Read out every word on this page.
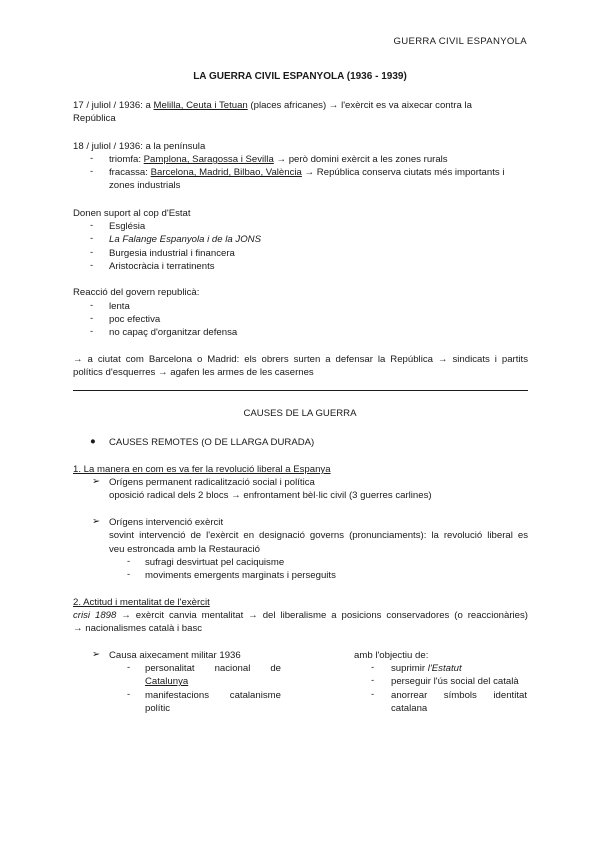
GUERRA CIVIL ESPANYOLA
LA GUERRA CIVIL ESPANYOLA (1936 - 1939)
17 / juliol / 1936: a Melilla, Ceuta i Tetuan (places africanes) → l'exèrcit es va aixecar contra la
República
18 / juliol / 1936: a la península
- triomfa: Pamplona, Saragossa i Sevilla → però domini exèrcit a les zones rurals
- fracassa: Barcelona, Madrid, Bilbao, València → República conserva ciutats més importants i
zones industrials
Donen suport al cop d'Estat
- Església
- La Falange Espanyola i de la JONS
- Burgesia industrial i financera
- Aristocràcia i terratinents
Reacció del govern republicà:
- lenta
- poc efectiva
- no capaç d'organitzar defensa
→ a ciutat com Barcelona o Madrid: els obrers surten a defensar la República → sindicats i partits
polítics d'esquerres → agafen les armes de les casernes
CAUSES DE LA GUERRA
● CAUSES REMOTES (O DE LLARGA DURADA)
1. La manera en com es va fer la revolució liberal a Espanya
➢ Orígens permanent radicalització social i política
oposició radical dels 2 blocs → enfrontament bèl·lic civil (3 guerres carlines)
➢ Orígens intervenció exèrcit
sovint intervenció de l'exèrcit en designació governs (pronunciaments): la revolució liberal es
veu estroncada amb la Restauració
- sufragi desvirtuat pel caciquisme
- moviments emergents marginats i perseguits
2. Actitud i mentalitat de l'exèrcit
crisi 1898 → exèrcit canvia mentalitat → del liberalisme a posicions conservadores (o reaccionàries)
→ nacionalismes català i basc
➢ Causa aixecament militar 1936
- personalitat nacional de
Catalunya
- manifestacions catalanisme
polític
amb l'objectiu de:
- suprimir l'Estatut
- perseguir l'ús social del català
- anorrear símbols identitat
catalana
